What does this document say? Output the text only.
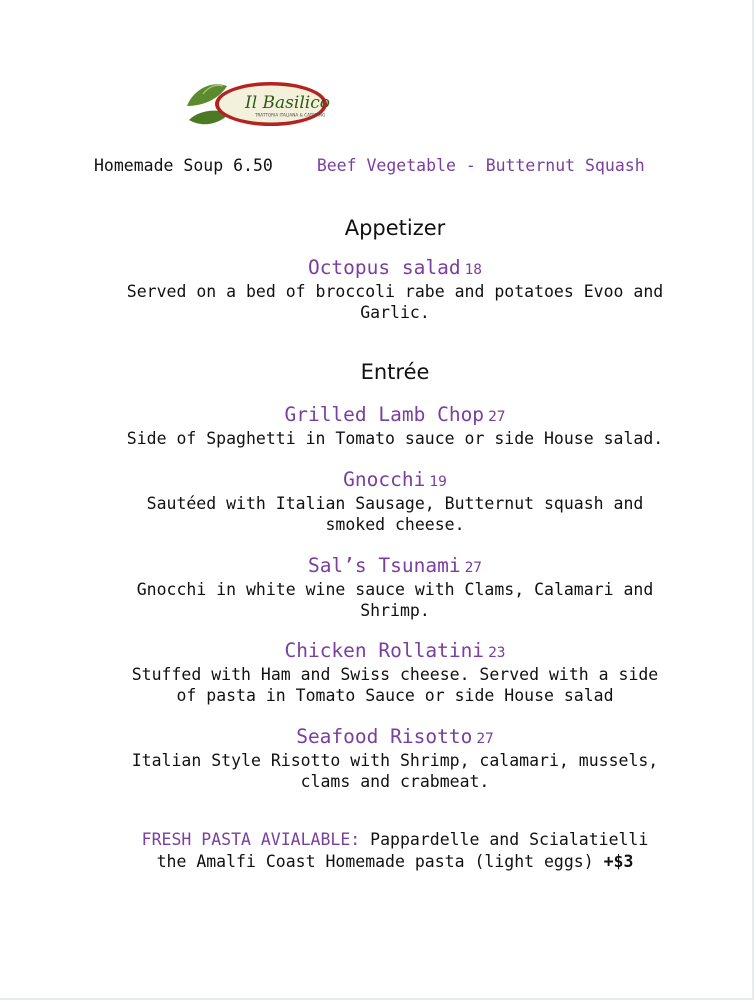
Il Basilico
TRATTORIA ITALIANA & CATERING
Homemade Soup 6.50	Beef Vegetable - Butternut Squash
Appetizer
Octopus salad 18
Served on a bed of broccoli rabe and potatoes Evoo and
Garlic.
Entrée
Grilled Lamb Chop 27
Side of Spaghetti in Tomato sauce or side House salad.
Gnocchi 19
Sautéed with Italian Sausage, Butternut squash and
smoked cheese.
Sal’s Tsunami 27
Gnocchi in white wine sauce with Clams, Calamari and
Shrimp.
Chicken Rollatini 23
Stuffed with Ham and Swiss cheese. Served with a side
of pasta in Tomato Sauce or side House salad
Seafood Risotto 27
Italian Style Risotto with Shrimp, calamari, mussels,
clams and crabmeat.
FRESH PASTA AVIALABLE: Pappardelle and Scialatielli
the Amalfi Coast Homemade pasta (light eggs) +$3
